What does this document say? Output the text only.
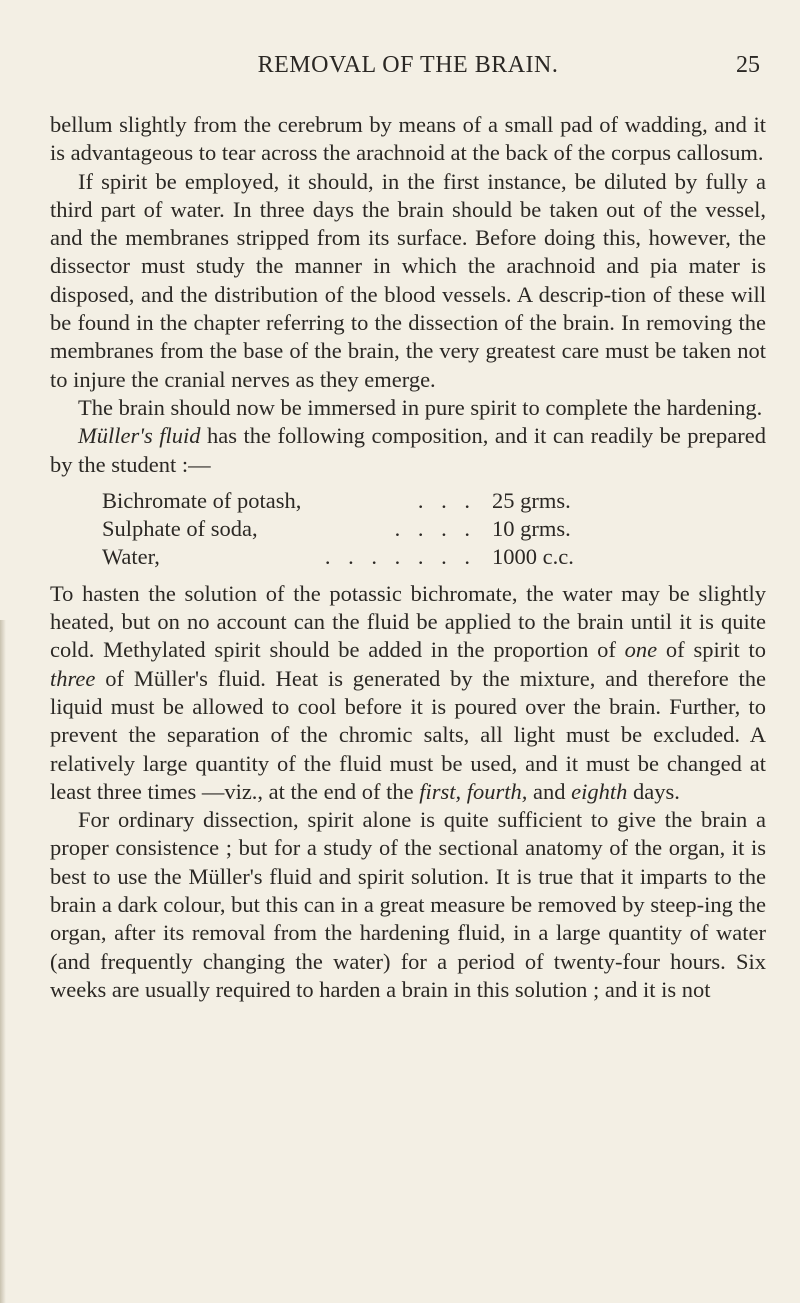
REMOVAL OF THE BRAIN.	25

bellum slightly from the cerebrum by means of a small pad of wadding, and it is advantageous to tear across the arachnoid at the back of the corpus callosum.

If spirit be employed, it should, in the first instance, be diluted by fully a third part of water. In three days the brain should be taken out of the vessel, and the membranes stripped from its surface. Before doing this, however, the dissector must study the manner in which the arachnoid and pia mater is disposed, and the distribution of the blood vessels. A descrip-tion of these will be found in the chapter referring to the dissection of the brain. In removing the membranes from the base of the brain, the very greatest care must be taken not to injure the cranial nerves as they emerge.

The brain should now be immersed in pure spirit to complete the hardening.

Müller's fluid has the following composition, and it can readily be prepared by the student :—

Bichromate of potash,	. . . 25 grms.
Sulphate of soda,	. . . . 10 grms.
Water,	. . . . . . . 1000 c.c.

To hasten the solution of the potassic bichromate, the water may be slightly heated, but on no account can the fluid be applied to the brain until it is quite cold. Methylated spirit should be added in the proportion of one of spirit to three of Müller's fluid. Heat is generated by the mixture, and therefore the liquid must be allowed to cool before it is poured over the brain. Further, to prevent the separation of the chromic salts, all light must be excluded. A relatively large quantity of the fluid must be used, and it must be changed at least three times —viz., at the end of the first, fourth, and eighth days.

For ordinary dissection, spirit alone is quite sufficient to give the brain a proper consistence ; but for a study of the sectional anatomy of the organ, it is best to use the Müller's fluid and spirit solution. It is true that it imparts to the brain a dark colour, but this can in a great measure be removed by steep-ing the organ, after its removal from the hardening fluid, in a large quantity of water (and frequently changing the water) for a period of twenty-four hours. Six weeks are usually required to harden a brain in this solution ; and it is not
